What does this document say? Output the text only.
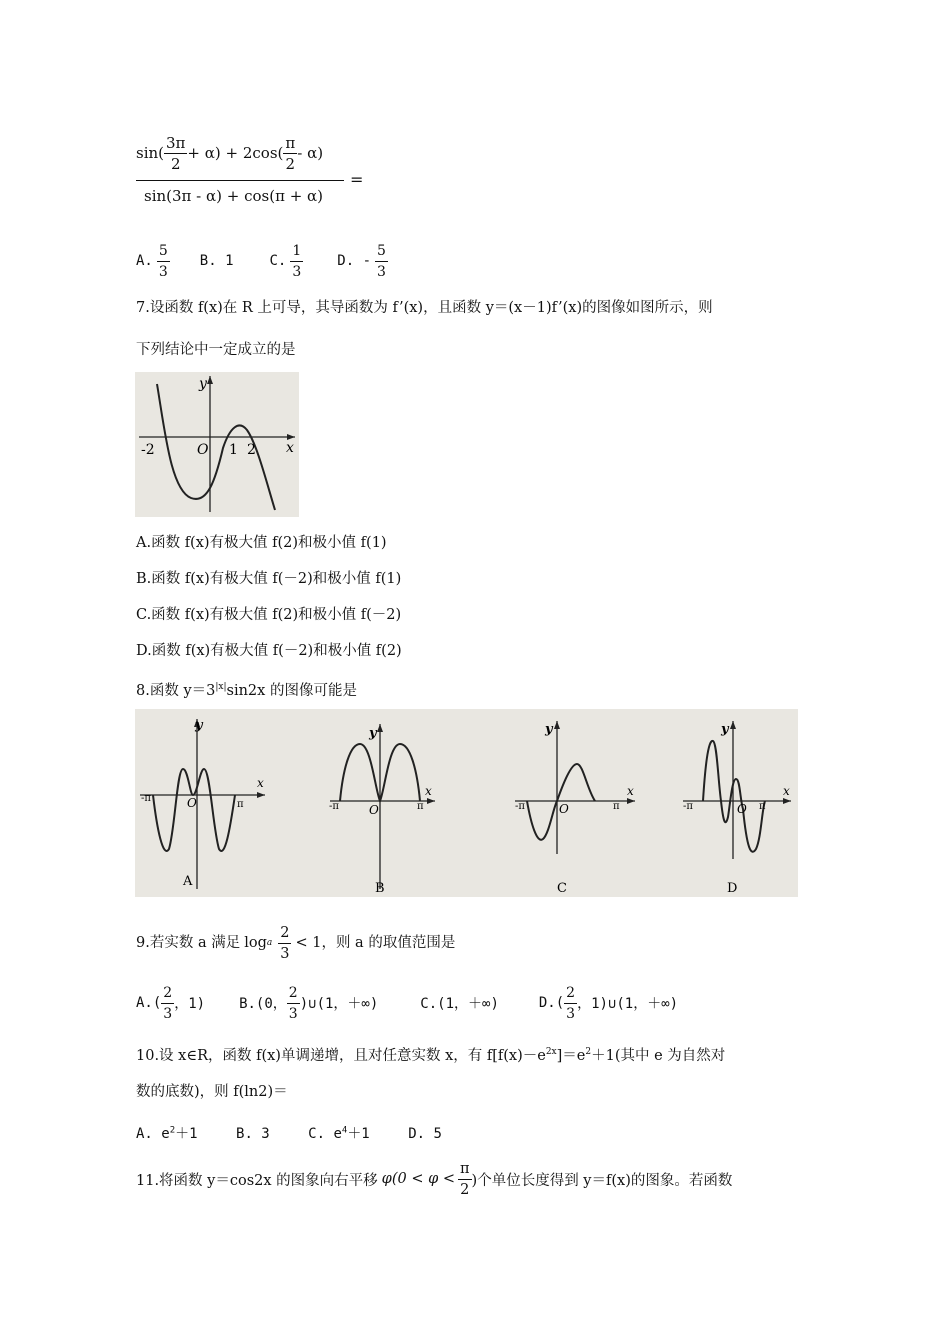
$\sin( \frac{3\pi}{2} + \alpha) + 2\cos( \frac{\pi}{2} - \alpha)$
sin(3π - α) + cos(π + α)
=
A. $\frac{5}{3} B$. 1	C. $\frac{1}{3} D$. - $\frac{5}{3}$
7.设函数 f(x)在 R 上可导，其导函数为 f’(x)，且函数 y＝(x－1)f’(x)的图像如图所示，则
下列结论中一定成立的是
y
x
O
-2	1 2
A.函数 f(x)有极大值 f(2)和极小值 f(1)
B.函数 f(x)有极大值 f(－2)和极小值 f(1)
C.函数 f(x)有极大值 f(2)和极小值 f(－2)
D.函数 f(x)有极大值 f(－2)和极小值 f(2)
8.函数 $y=3^{|x|}\sin 2x$ 的图像可能是
y
x
O
-π
π
A
y
x
O
-π	π
B
y
x
O
-π	π
C
y
x
O
-π	π
D
9.若实数 a 满足 log a $\frac{2}{3} < 1$，则 a 的取值范围是
$A.( \frac{2}{3}$ ，1) B.(0， $\frac{2}{3}$ )∪(1，＋∞)	C.(1，＋∞)	$D.( \frac{2}{3}$ ，1)∪(1，＋∞)
10.设 x∈R，函数 f(x)单调递增，且对任意实数 x，有 $f[f(x)-e^{2x}]=e^2+1$(其中 e 为自然对
数的底数)，则 f(ln2)＝
A. $e^2+1$	B. 3	C. $e^4+1$	D. 5
11.将函数 y＝cos2x 的图象向右平移 $\varphi(0 < \varphi < \frac{\pi}{2}$ )个单位长度得到 y＝f(x)的图象。若函数
